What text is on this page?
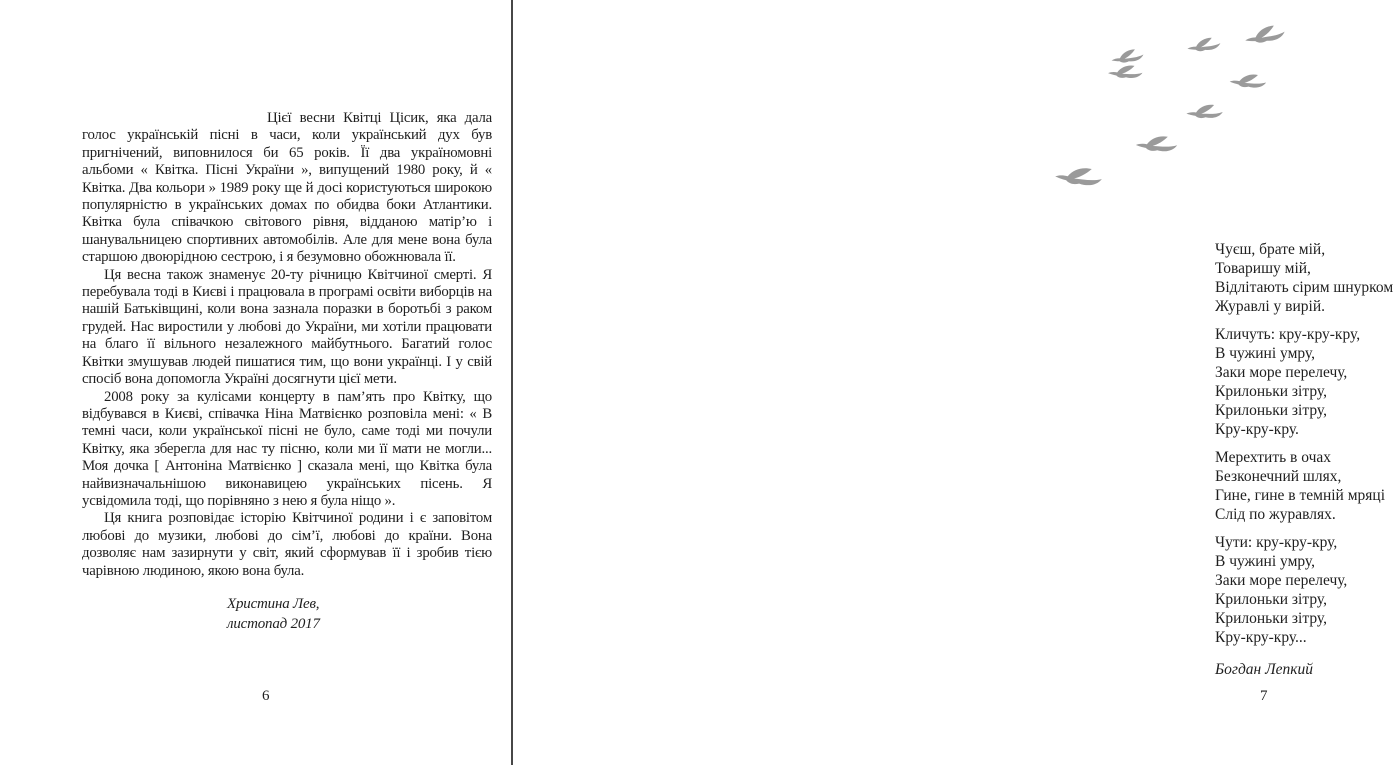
Цієї весни Квітці Цісик, яка дала голос українській пісні в часи, коли український дух був пригнічений, виповнилося би 65 років. Її два україномовні альбоми « Квітка. Пісні України », випущений 1980 року, й « Квітка. Два кольори » 1989 року ще й досі користуються широкою популярністю в українських домах по обидва боки Атлантики. Квітка була співачкою світового рівня, відданою матір’ю і шанувальницею спортивних автомобілів. Але для мене вона була старшою двоюрідною сестрою, і я безумовно обожнювала її.

Ця весна також знаменує 20-ту річницю Квітчиної смерті. Я перебувала тоді в Києві і працювала в програмі освіти виборців на нашій Батьківщині, коли вона зазнала поразки в боротьбі з раком грудей. Нас виростили у любові до України, ми хотіли працювати на благо її вільного незалежного майбутнього. Багатий голос Квітки змушував людей пишатися тим, що вони українці. І у свій спосіб вона допомогла Україні досягнути цієї мети.

2008 року за кулісами концерту в пам’ять про Квітку, що відбувався в Києві, співачка Ніна Матвієнко розповіла мені: « В темні часи, коли української пісні не було, саме тоді ми почули Квітку, яка зберегла для нас ту пісню, коли ми її мати не могли... Моя дочка [ Антоніна Матвієнко ] сказала мені, що Квітка була найвизначальнішою виконавицею українських пісень. Я усвідомила тоді, що порівняно з нею я була ніщо ».

Ця книга розповідає історію Квітчиної родини і є заповітом любові до музики, любові до сім’ї, любові до країни. Вона дозволяє нам зазирнути у світ, який сформував її і зробив тією чарівною людиною, якою вона була.

Христина Лев,
листопад 2017
6
Чуєш, брате мій,
Товаришу мій,
Відлітають сірим шнурком
Журавлі у вирій.
Кличуть: кру-кру-кру,
В чужині умру,
Заки море перелечу,
Крилоньки зітру,
Крилоньки зітру,
Кру-кру-кру.
Мерехтить в очах
Безконечний шлях,
Гине, гине в темній мряці
Слід по журавлях.
Чути: кру-кру-кру,
В чужині умру,
Заки море перелечу,
Крилоньки зітру,
Крилоньки зітру,
Кру-кру-кру...
Богдан Лепкий
7
